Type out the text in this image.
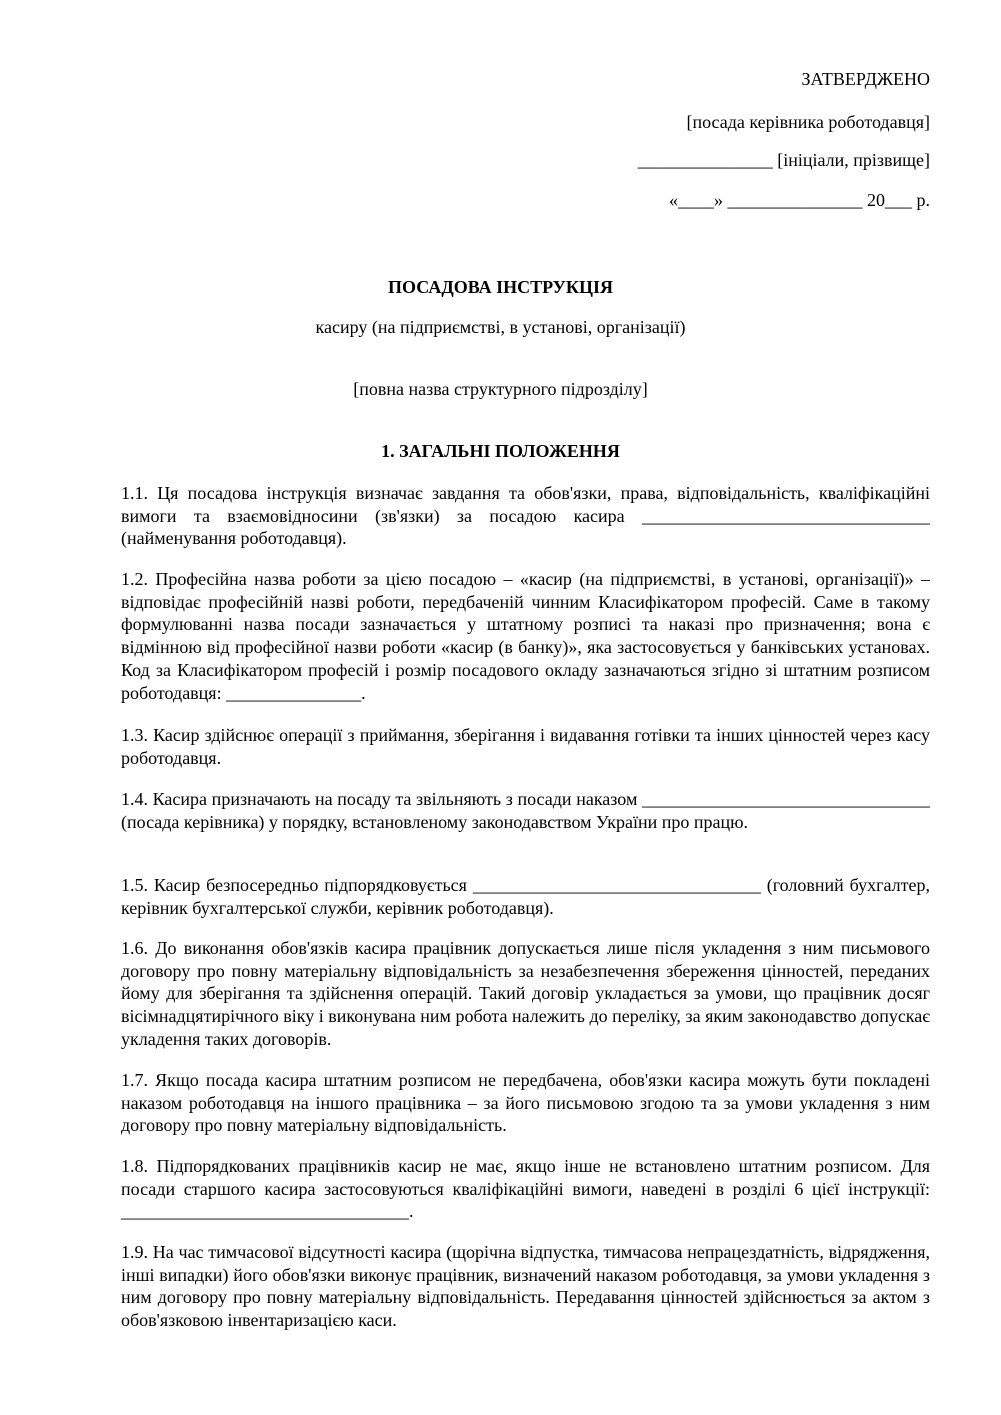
ЗАТВЕРДЖЕНО
[посада керівника роботодавця]
_______________ [ініціали, прізвище]
«____» _______________ 20___ р.
ПОСАДОВА ІНСТРУКЦІЯ
касиру (на підприємстві, в установі, організації)
[повна назва структурного підрозділу]
1. ЗАГАЛЬНІ ПОЛОЖЕННЯ
1.1. Ця посадова інструкція визначає завдання та обов'язки, права, відповідальність, кваліфікаційні вимоги та взаємовідносини (зв'язки) за посадою касира ________________________________ (найменування роботодавця).
1.2. Професійна назва роботи за цією посадою – «касир (на підприємстві, в установі, організації)» – відповідає професійній назві роботи, передбаченій чинним Класифікатором професій. Саме в такому формулюванні назва посади зазначається у штатному розписі та наказі про призначення; вона є відмінною від професійної назви роботи «касир (в банку)», яка застосовується у банківських установах. Код за Класифікатором професій і розмір посадового окладу зазначаються згідно зі штатним розписом роботодавця: _______________.
1.3. Касир здійснює операції з приймання, зберігання і видавання готівки та інших цінностей через касу роботодавця.
1.4. Касира призначають на посаду та звільняють з посади наказом ________________________________ (посада керівника) у порядку, встановленому законодавством України про працю.
1.5. Касир безпосередньо підпорядковується ________________________________ (головний бухгалтер, керівник бухгалтерської служби, керівник роботодавця).
1.6. До виконання обов'язків касира працівник допускається лише після укладення з ним письмового договору про повну матеріальну відповідальність за незабезпечення збереження цінностей, переданих йому для зберігання та здійснення операцій. Такий договір укладається за умови, що працівник досяг вісімнадцятирічного віку і виконувана ним робота належить до переліку, за яким законодавство допускає укладення таких договорів.
1.7. Якщо посада касира штатним розписом не передбачена, обов'язки касира можуть бути покладені наказом роботодавця на іншого працівника – за його письмовою згодою та за умови укладення з ним договору про повну матеріальну відповідальність.
1.8. Підпорядкованих працівників касир не має, якщо інше не встановлено штатним розписом. Для посади старшого касира застосовуються кваліфікаційні вимоги, наведені в розділі 6 цієї інструкції: ________________________________.
1.9. На час тимчасової відсутності касира (щорічна відпустка, тимчасова непрацездатність, відрядження, інші випадки) його обов'язки виконує працівник, визначений наказом роботодавця, за умови укладення з ним договору про повну матеріальну відповідальність. Передавання цінностей здійснюється за актом з обов'язковою інвентаризацією каси.
